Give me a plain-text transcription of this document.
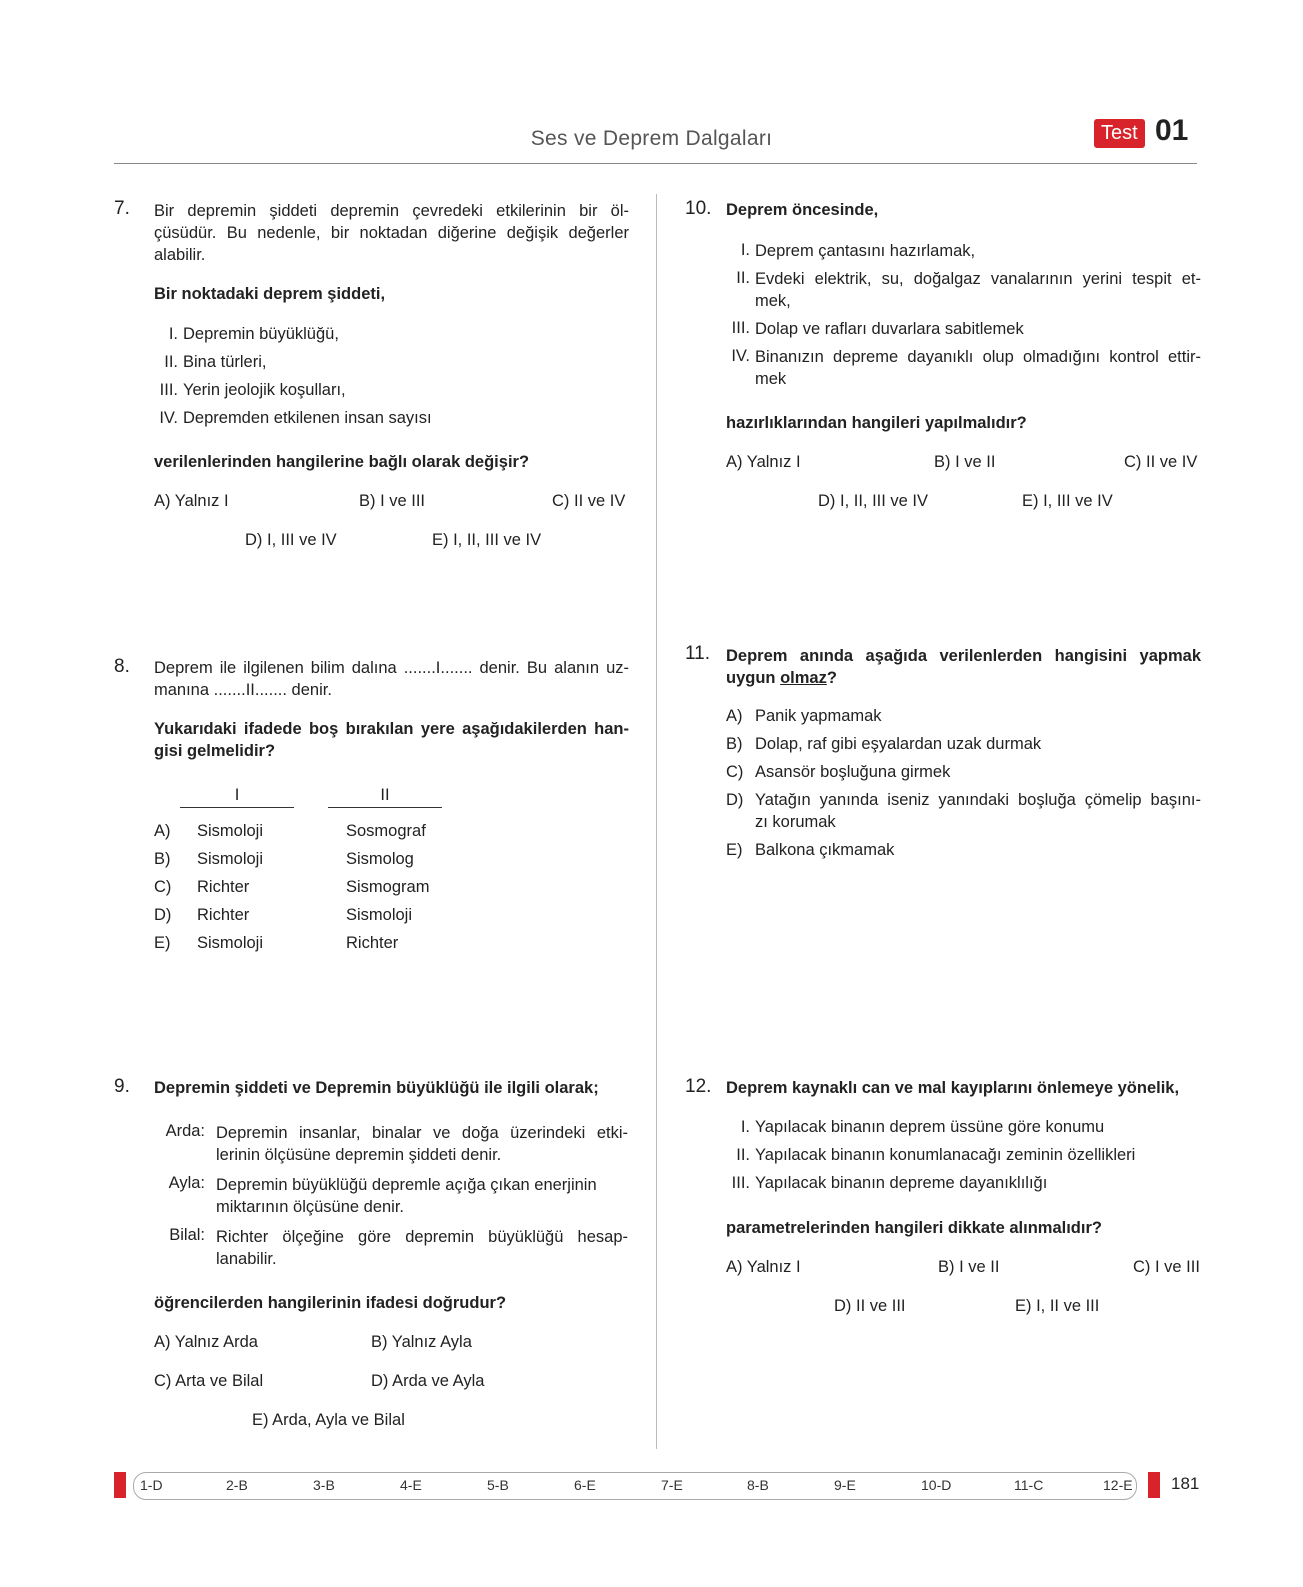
Ses ve Deprem Dalgaları	Test 01
7. Bir depremin şiddeti depremin çevredeki etkilerinin bir öl-
çüsüdür. Bu nedenle, bir noktadan diğerine değişik değerler
alabilir.
Bir noktadaki deprem şiddeti,
I. Depremin büyüklüğü,
II. Bina türleri,
III. Yerin jeolojik koşulları,
IV. Depremden etkilenen insan sayısı
verilenlerinden hangilerine bağlı olarak değişir?
A) Yalnız I	B) I ve III	C) II ve IV
D) I, III ve IV	E) I, II, III ve IV
8. Deprem ile ilgilenen bilim dalına .......I....... denir. Bu alanın uz-
manına .......II....... denir.
Yukarıdaki ifadede boş bırakılan yere aşağıdakilerden han-
gisi gelmelidir?
I	II
A) Sismoloji	Sosmograf
B) Sismoloji	Sismolog
C) Richter	Sismogram
D) Richter	Sismoloji
E) Sismoloji	Richter
9. Depremin şiddeti ve Depremin büyüklüğü ile ilgili olarak;
Arda: Depremin insanlar, binalar ve doğa üzerindeki etki-
lerinin ölçüsüne depremin şiddeti denir.
Ayla: Depremin büyüklüğü depremle açığa çıkan enerjinin
miktarının ölçüsüne denir.
Bilal: Richter ölçeğine göre depremin büyüklüğü hesap-
lanabilir.
öğrencilerden hangilerinin ifadesi doğrudur?
A) Yalnız Arda	B) Yalnız Ayla
C) Arta ve Bilal	D) Arda ve Ayla
E) Arda, Ayla ve Bilal
10. Deprem öncesinde,
I. Deprem çantasını hazırlamak,
II. Evdeki elektrik, su, doğalgaz vanalarının yerini tespit et-
mek,
III. Dolap ve rafları duvarlara sabitlemek
IV. Binanızın depreme dayanıklı olup olmadığını kontrol ettir-
mek
hazırlıklarından hangileri yapılmalıdır?
A) Yalnız I	B) I ve II	C) II ve IV
D) I, II, III ve IV	E) I, III ve IV
11. Deprem anında aşağıda verilenlerden hangisini yapmak
uygun olmaz?
A) Panik yapmamak
B) Dolap, raf gibi eşyalardan uzak durmak
C) Asansör boşluğuna girmek
D) Yatağın yanında iseniz yanındaki boşluğa çömelip başını-
zı korumak
E) Balkona çıkmamak
12. Deprem kaynaklı can ve mal kayıplarını önlemeye yönelik,
I. Yapılacak binanın deprem üssüne göre konumu
II. Yapılacak binanın konumlanacağı zeminin özellikleri
III. Yapılacak binanın depreme dayanıklılığı
parametrelerinden hangileri dikkate alınmalıdır?
A) Yalnız I	B) I ve II	C) I ve III
D) II ve III	E) I, II ve III
1-D	2-B	3-B	4-E	5-B	6-E	7-E	8-B	9-E	10-D	11-C	12-E 181
